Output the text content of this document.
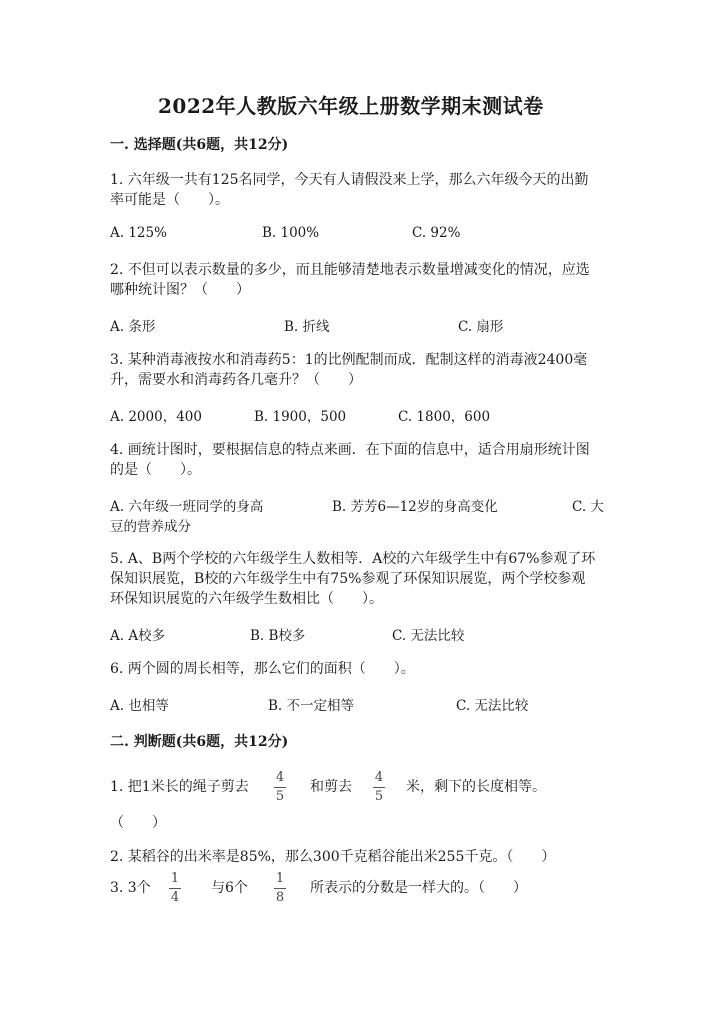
2022年人教版六年级上册数学期末测试卷
一. 选择题(共6题，共12分)
1. 六年级一共有125名同学，今天有人请假没来上学，那么六年级今天的出勤
率可能是（　　）。
A. 125%	B. 100%	C. 92%
2. 不但可以表示数量的多少，而且能够清楚地表示数量增减变化的情况，应选
哪种统计图？（　　）
A. 条形	B. 折线	C. 扇形
3. 某种消毒液按水和消毒药5：1的比例配制而成．配制这样的消毒液2400毫
升，需要水和消毒药各几毫升？（　　）
A. 2000，400	B. 1900，500	C. 1800，600
4. 画统计图时，要根据信息的特点来画．在下面的信息中，适合用扇形统计图
的是（　　）。
A. 六年级一班同学的身高	B. 芳芳6—12岁的身高变化	C. 大
豆的营养成分
5. A、B两个学校的六年级学生人数相等．A校的六年级学生中有67%参观了环
保知识展览，B校的六年级学生中有75%参观了环保知识展览，两个学校参观
环保知识展览的六年级学生数相比（　　）。
A. A校多	B. B校多	C. 无法比较
6. 两个圆的周长相等，那么它们的面积（　　）。
A. 也相等	B. 不一定相等	C. 无法比较
二. 判断题(共6题，共12分)
1. 把1米长的绳子剪去
4
5
和剪去
4
5
米，剩下的长度相等。
（　　）
2. 某稻谷的出米率是85%，那么300千克稻谷能出米255千克。（　　）
3. 3个
1
4
与6个
1
8
所表示的分数是一样大的。（　　）
